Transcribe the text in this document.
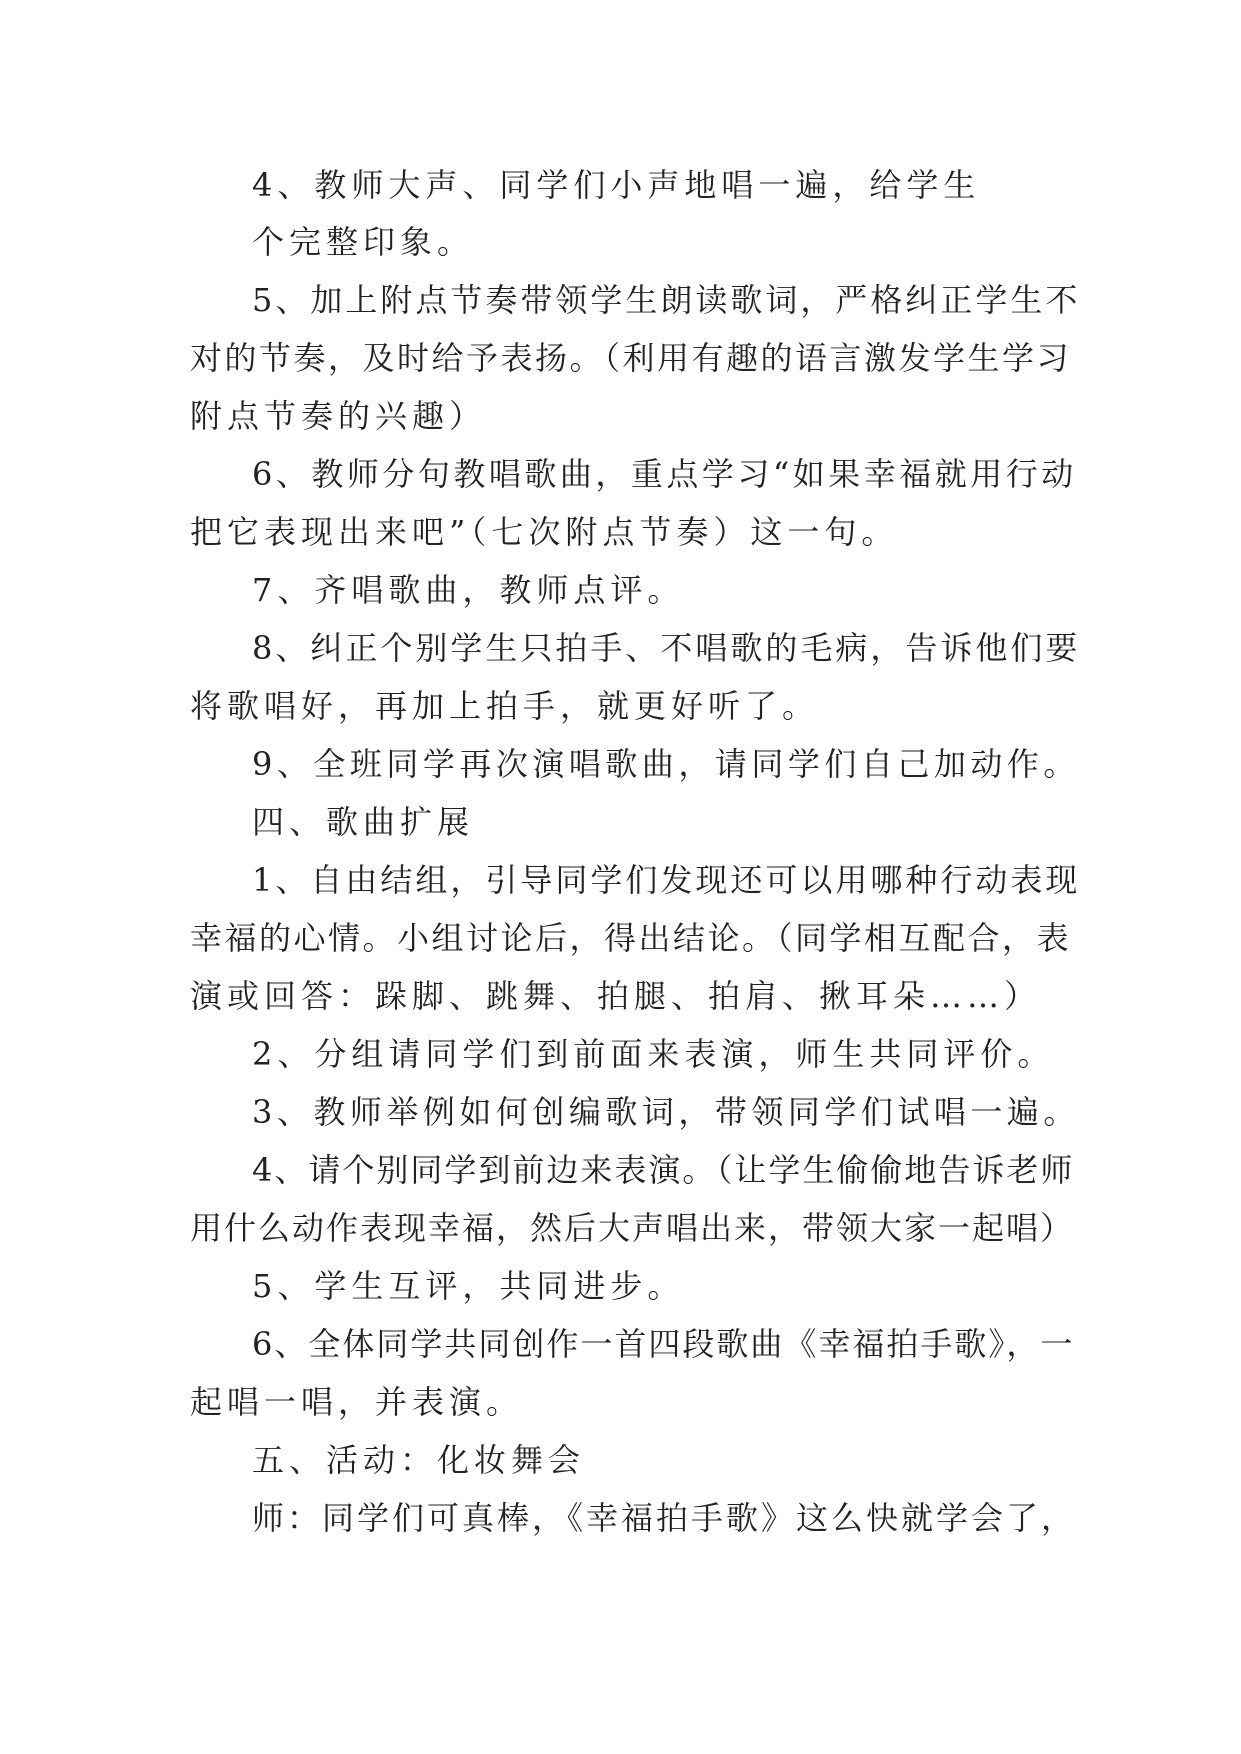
4、教师大声、同学们小声地唱一遍，给学生
个完整印象。
5、加上附点节奏带领学生朗读歌词，严格纠正学生不
对的节奏，及时给予表扬。（利用有趣的语言激发学生学习
附点节奏的兴趣）
6、教师分句教唱歌曲，重点学习“如果幸福就用行动
把它表现出来吧”（七次附点节奏）这一句。
7、齐唱歌曲，教师点评。
8、纠正个别学生只拍手、不唱歌的毛病，告诉他们要
将歌唱好，再加上拍手，就更好听了。
9、全班同学再次演唱歌曲，请同学们自己加动作。
四、歌曲扩展
1、自由结组，引导同学们发现还可以用哪种行动表现
幸福的心情。小组讨论后，得出结论。（同学相互配合，表
演或回答：跺脚、跳舞、拍腿、拍肩、揪耳朵……）
2、分组请同学们到前面来表演，师生共同评价。
3、教师举例如何创编歌词，带领同学们试唱一遍。
4、请个别同学到前边来表演。（让学生偷偷地告诉老师
用什么动作表现幸福，然后大声唱出来，带领大家一起唱）
5、学生互评，共同进步。
6、全体同学共同创作一首四段歌曲《幸福拍手歌》，一
起唱一唱，并表演。
五、活动：化妆舞会
师：同学们可真棒，《幸福拍手歌》这么快就学会了，
